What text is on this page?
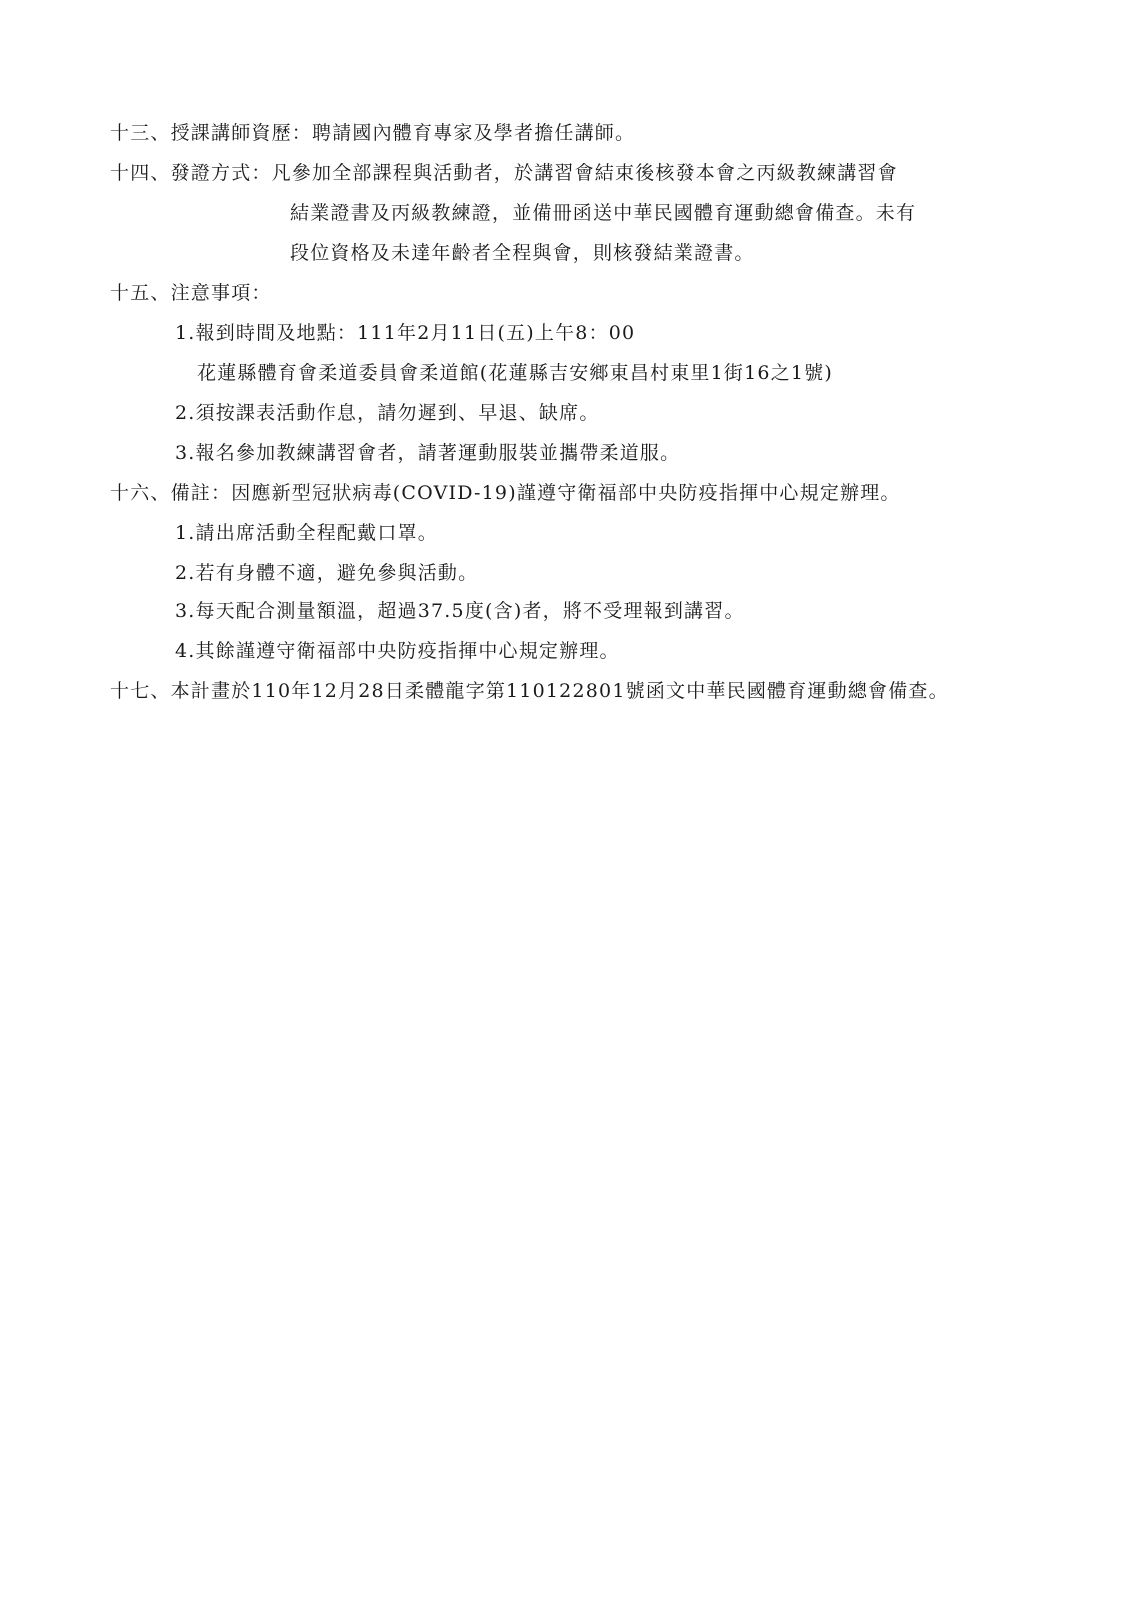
十三、授課講師資歷：聘請國內體育專家及學者擔任講師。
十四、發證方式：凡參加全部課程與活動者，於講習會結束後核發本會之丙級教練講習會
結業證書及丙級教練證，並備冊函送中華民國體育運動總會備查。未有
段位資格及未達年齡者全程與會，則核發結業證書。
十五、注意事項：
1.報到時間及地點：111年2月11日(五)上午8：00
花蓮縣體育會柔道委員會柔道館(花蓮縣吉安鄉東昌村東里1街16之1號)
2.須按課表活動作息，請勿遲到、早退、缺席。
3.報名參加教練講習會者，請著運動服裝並攜帶柔道服。
十六、備註：因應新型冠狀病毒(COVID-19)謹遵守衛福部中央防疫指揮中心規定辦理。
1.請出席活動全程配戴口罩。
2.若有身體不適，避免參與活動。
3.每天配合測量額溫，超過37.5度(含)者，將不受理報到講習。
4.其餘謹遵守衛福部中央防疫指揮中心規定辦理。
十七、本計畫於110年12月28日柔體龍字第110122801號函文中華民國體育運動總會備查。
